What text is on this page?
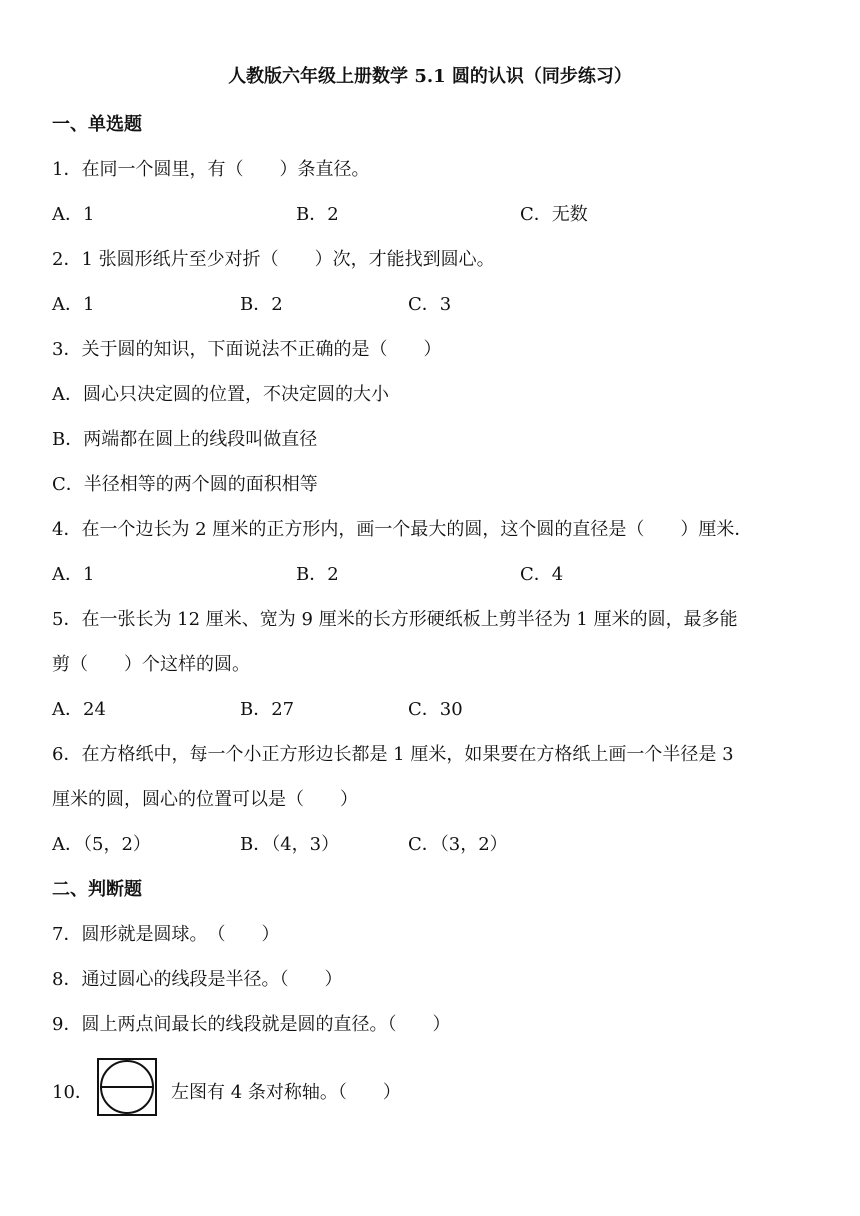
人教版六年级上册数学 5.1 圆的认识（同步练习）
一、单选题
1．在同一个圆里，有（　　）条直径。
A．1	B．2	C．无数
2．1 张圆形纸片至少对折（　　）次，才能找到圆心。
A．1	B．2	C．3
3．关于圆的知识，下面说法不正确的是（　　）
A．圆心只决定圆的位置，不决定圆的大小
B．两端都在圆上的线段叫做直径
C．半径相等的两个圆的面积相等
4．在一个边长为 2 厘米的正方形内，画一个最大的圆，这个圆的直径是（　　）厘米．
A．1	B．2	C．4
5．在一张长为 12 厘米、宽为 9 厘米的长方形硬纸板上剪半径为 1 厘米的圆，最多能
剪（　　）个这样的圆。
A．24	B．27	C．30
6．在方格纸中，每一个小正方形边长都是 1 厘米，如果要在方格纸上画一个半径是 3
厘米的圆，圆心的位置可以是（　　）
A．（5，2）	B．（4，3）	C．（3，2）
二、判断题
7．圆形就是圆球。　（　　）
8．通过圆心的线段是半径。（　　）
9．圆上两点间最长的线段就是圆的直径。（　　）
10．	左图有 4 条对称轴。（　　）
